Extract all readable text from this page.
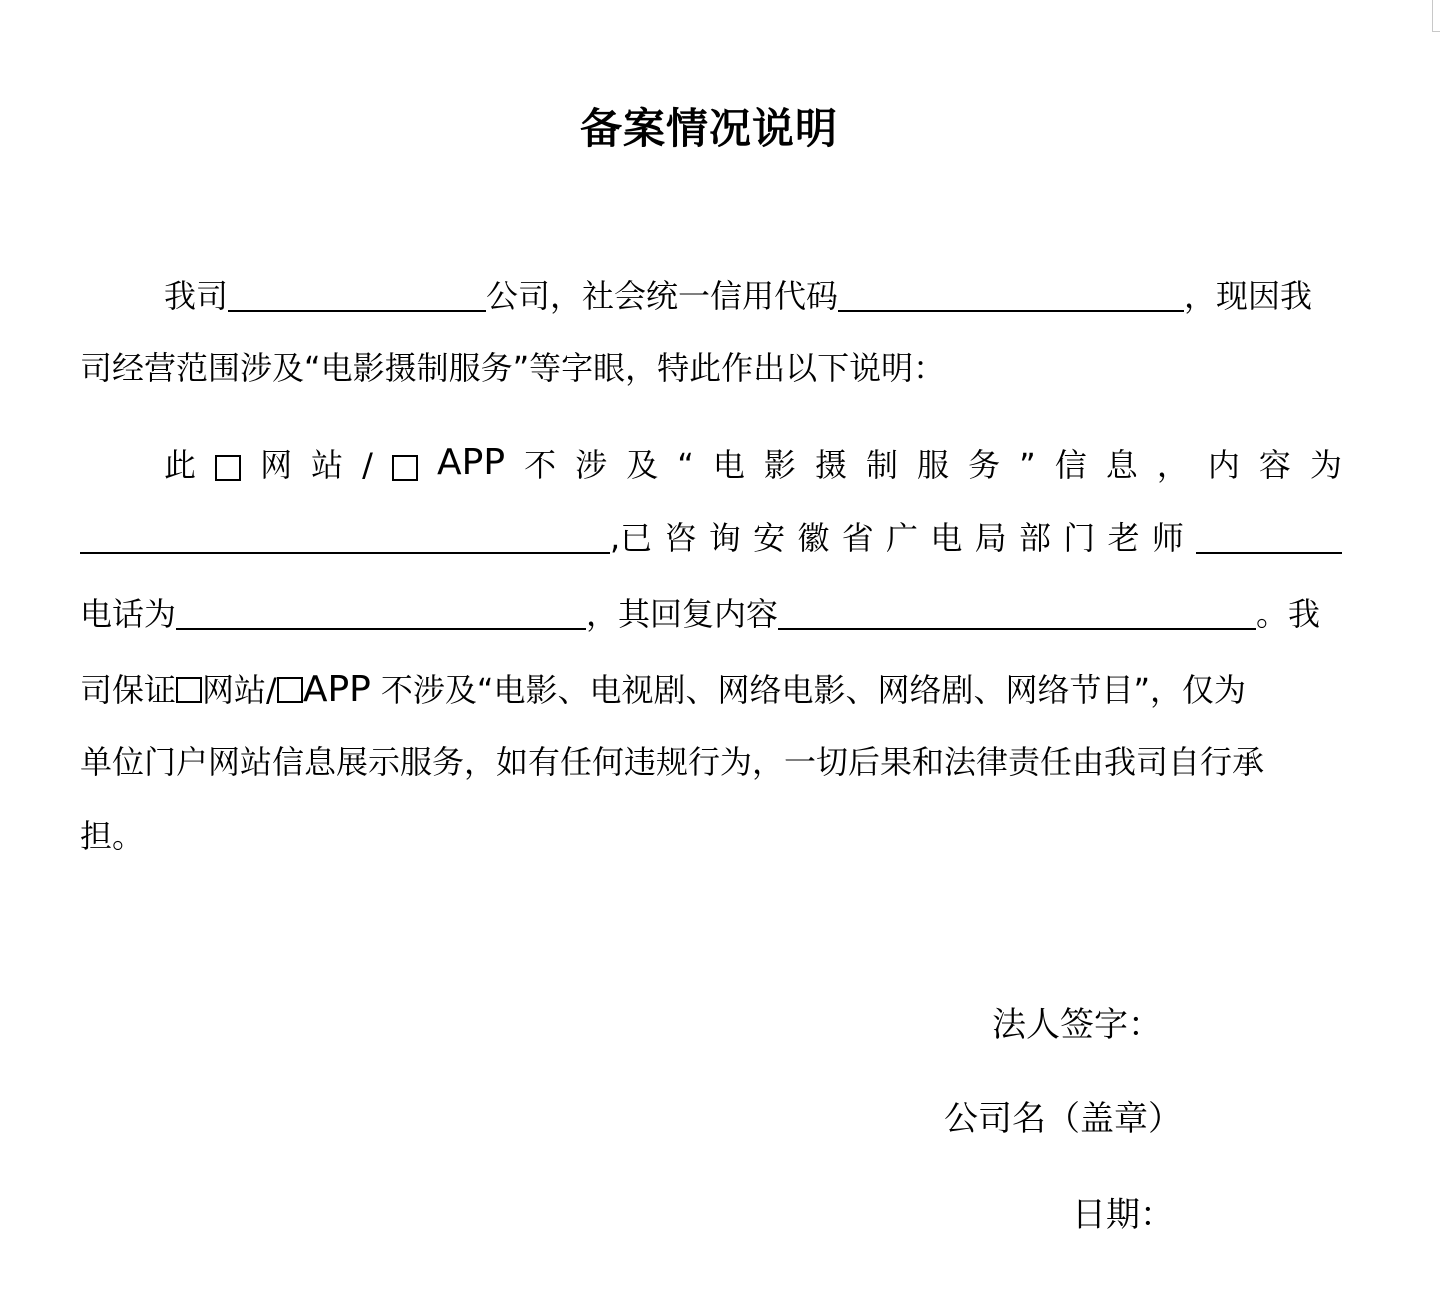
备案情况说明
我司	公司，社会统一信用代码	，现因我
司经营范围涉及“电影摄制服务”等字眼，特此作出以下说明：
此 网 站 / APP 不 涉 及 “ 电 影 摄 制 服 务 ” 信 息 ， 内 容 为
,已 咨 询 安 徽 省 广 电 局 部 门 老 师
电话为	，其回复内容	。我
司保证 网站/ APP 不涉及“电影、电视剧、网络电影、网络剧、网络节目”，仅为
单位门户网站信息展示服务，如有任何违规行为，一切后果和法律责任由我司自行承
担。
法人签字：
公司名（盖章）
日期：
